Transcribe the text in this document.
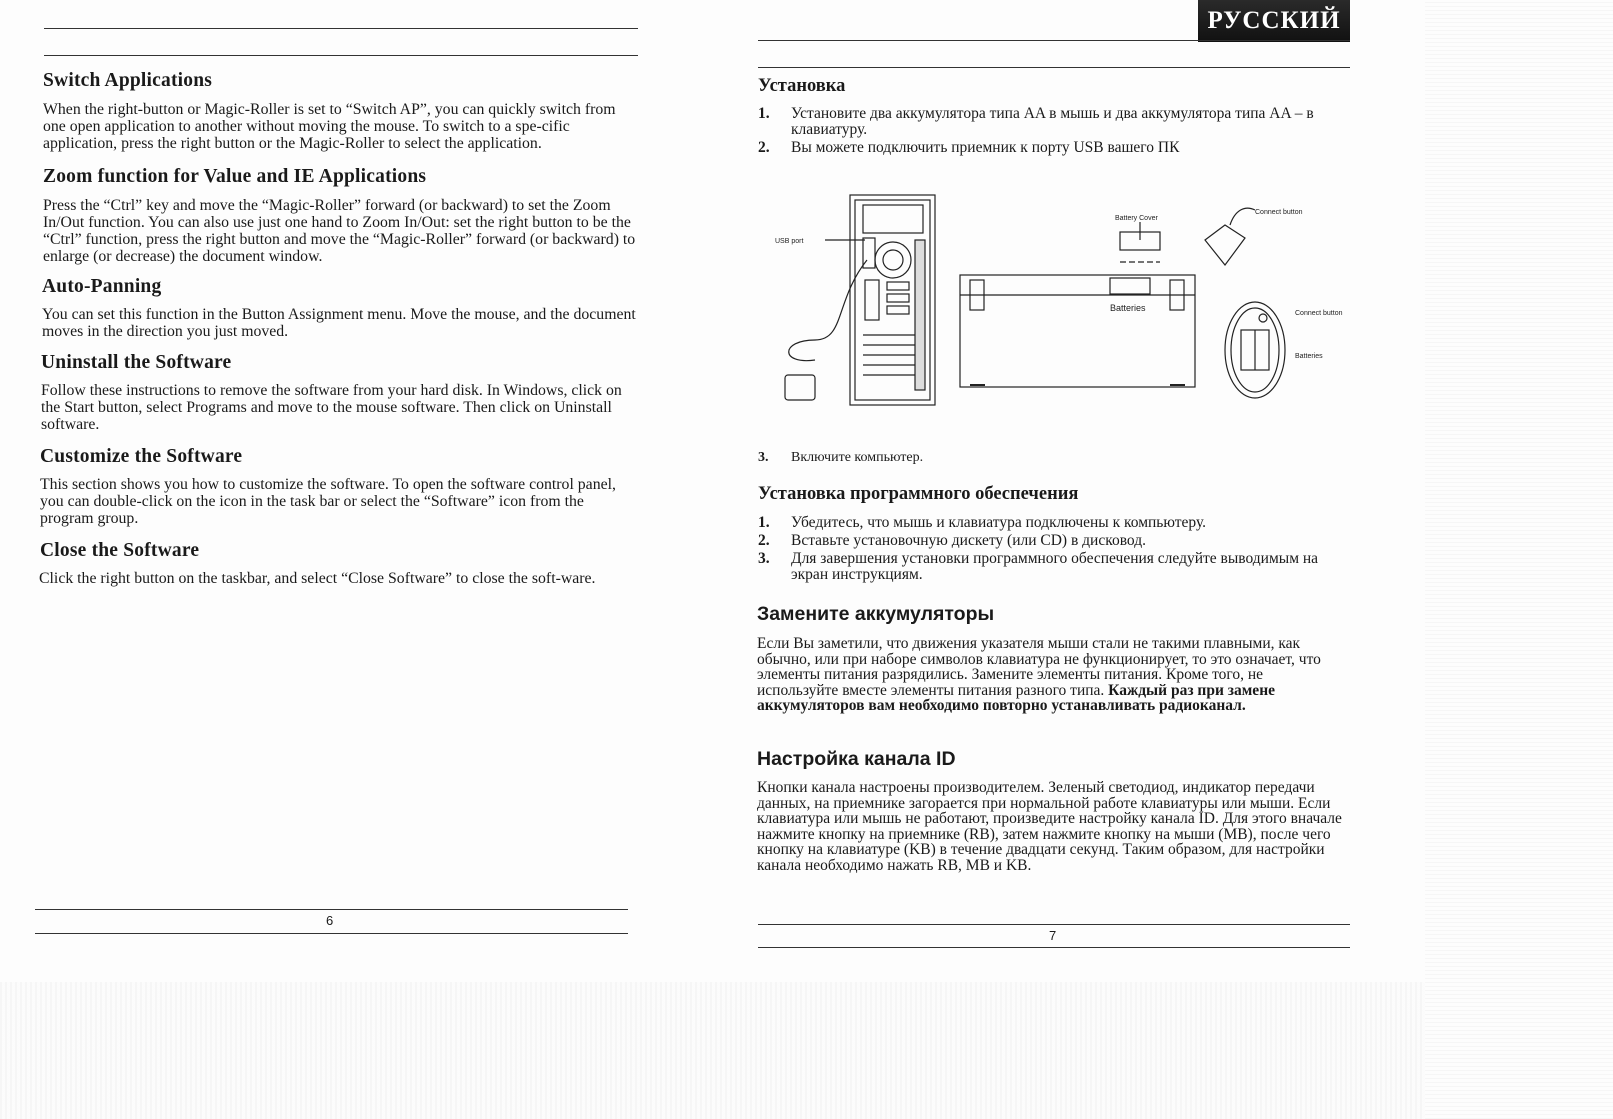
Switch Applications

When the right-button or Magic-Roller is set to “Switch AP”, you can quickly switch from one open application to another without moving the mouse. To switch to a spe-cific application, press the right button or the Magic-Roller to select the application.

Zoom function for Value and IE Applications

Press the “Ctrl” key and move the “Magic-Roller” forward (or backward) to set the Zoom In/Out function. You can also use just one hand to Zoom In/Out: set the right button to be the “Ctrl” function, press the right button and move the “Magic-Roller” forward (or backward) to enlarge (or decrease) the document window.

Auto-Panning

You can set this function in the Button Assignment menu. Move the mouse, and the document moves in the direction you just moved.

Uninstall the Software

Follow these instructions to remove the software from your hard disk. In Windows, click on the Start button, select Programs and move to the mouse software. Then click on Uninstall software.

Customize the Software

This section shows you how to customize the software. To open the software control panel, you can double-click on the icon in the task bar or select the “Software” icon from the program group.

Close the Software

Click the right button on the taskbar, and select “Close Software” to close the soft-ware.

6
РУССКИЙ
Установка
1.	Установите два аккумулятора типа AA в мышь и два аккумулятора типа AA – в клавиатуру.
2.	Вы можете подключить приемник к порту USB вашего ПК
USB port
Batteries
Battery Cover
Connect button
Connect button
Batteries
3.	Включите компьютер.
Установка программного обеспечения
1.	Убедитесь, что мышь и клавиатура подключены к компьютеру.
2.	Вставьте установочную дискету (или CD) в дисковод.
3.	Для завершения установки программного обеспечения следуйте выводимым на экран инструкциям.
Замените аккумуляторы

Если Вы заметили, что движения указателя мыши стали не такими плавными, как обычно, или при наборе символов клавиатура не функционирует, то это означает, что элементы питания разрядились. Замените элементы питания. Кроме того, не используйте вместе элементы питания разного типа. Каждый раз при замене аккумуляторов вам необходимо повторно устанавливать радиоканал.

Настройка канала ID

Кнопки канала настроены производителем. Зеленый светодиод, индикатор передачи данных, на приемнике загорается при нормальной работе клавиатуры или мыши. Если клавиатура или мышь не работают, произведите настройку канала ID. Для этого вначале нажмите кнопку на приемнике (RB), затем нажмите кнопку на мыши (MB), после чего кнопку на клавиатуре (KB) в течение двадцати секунд. Таким образом, для настройки канала необходимо нажать RB, MB и KB.

7
